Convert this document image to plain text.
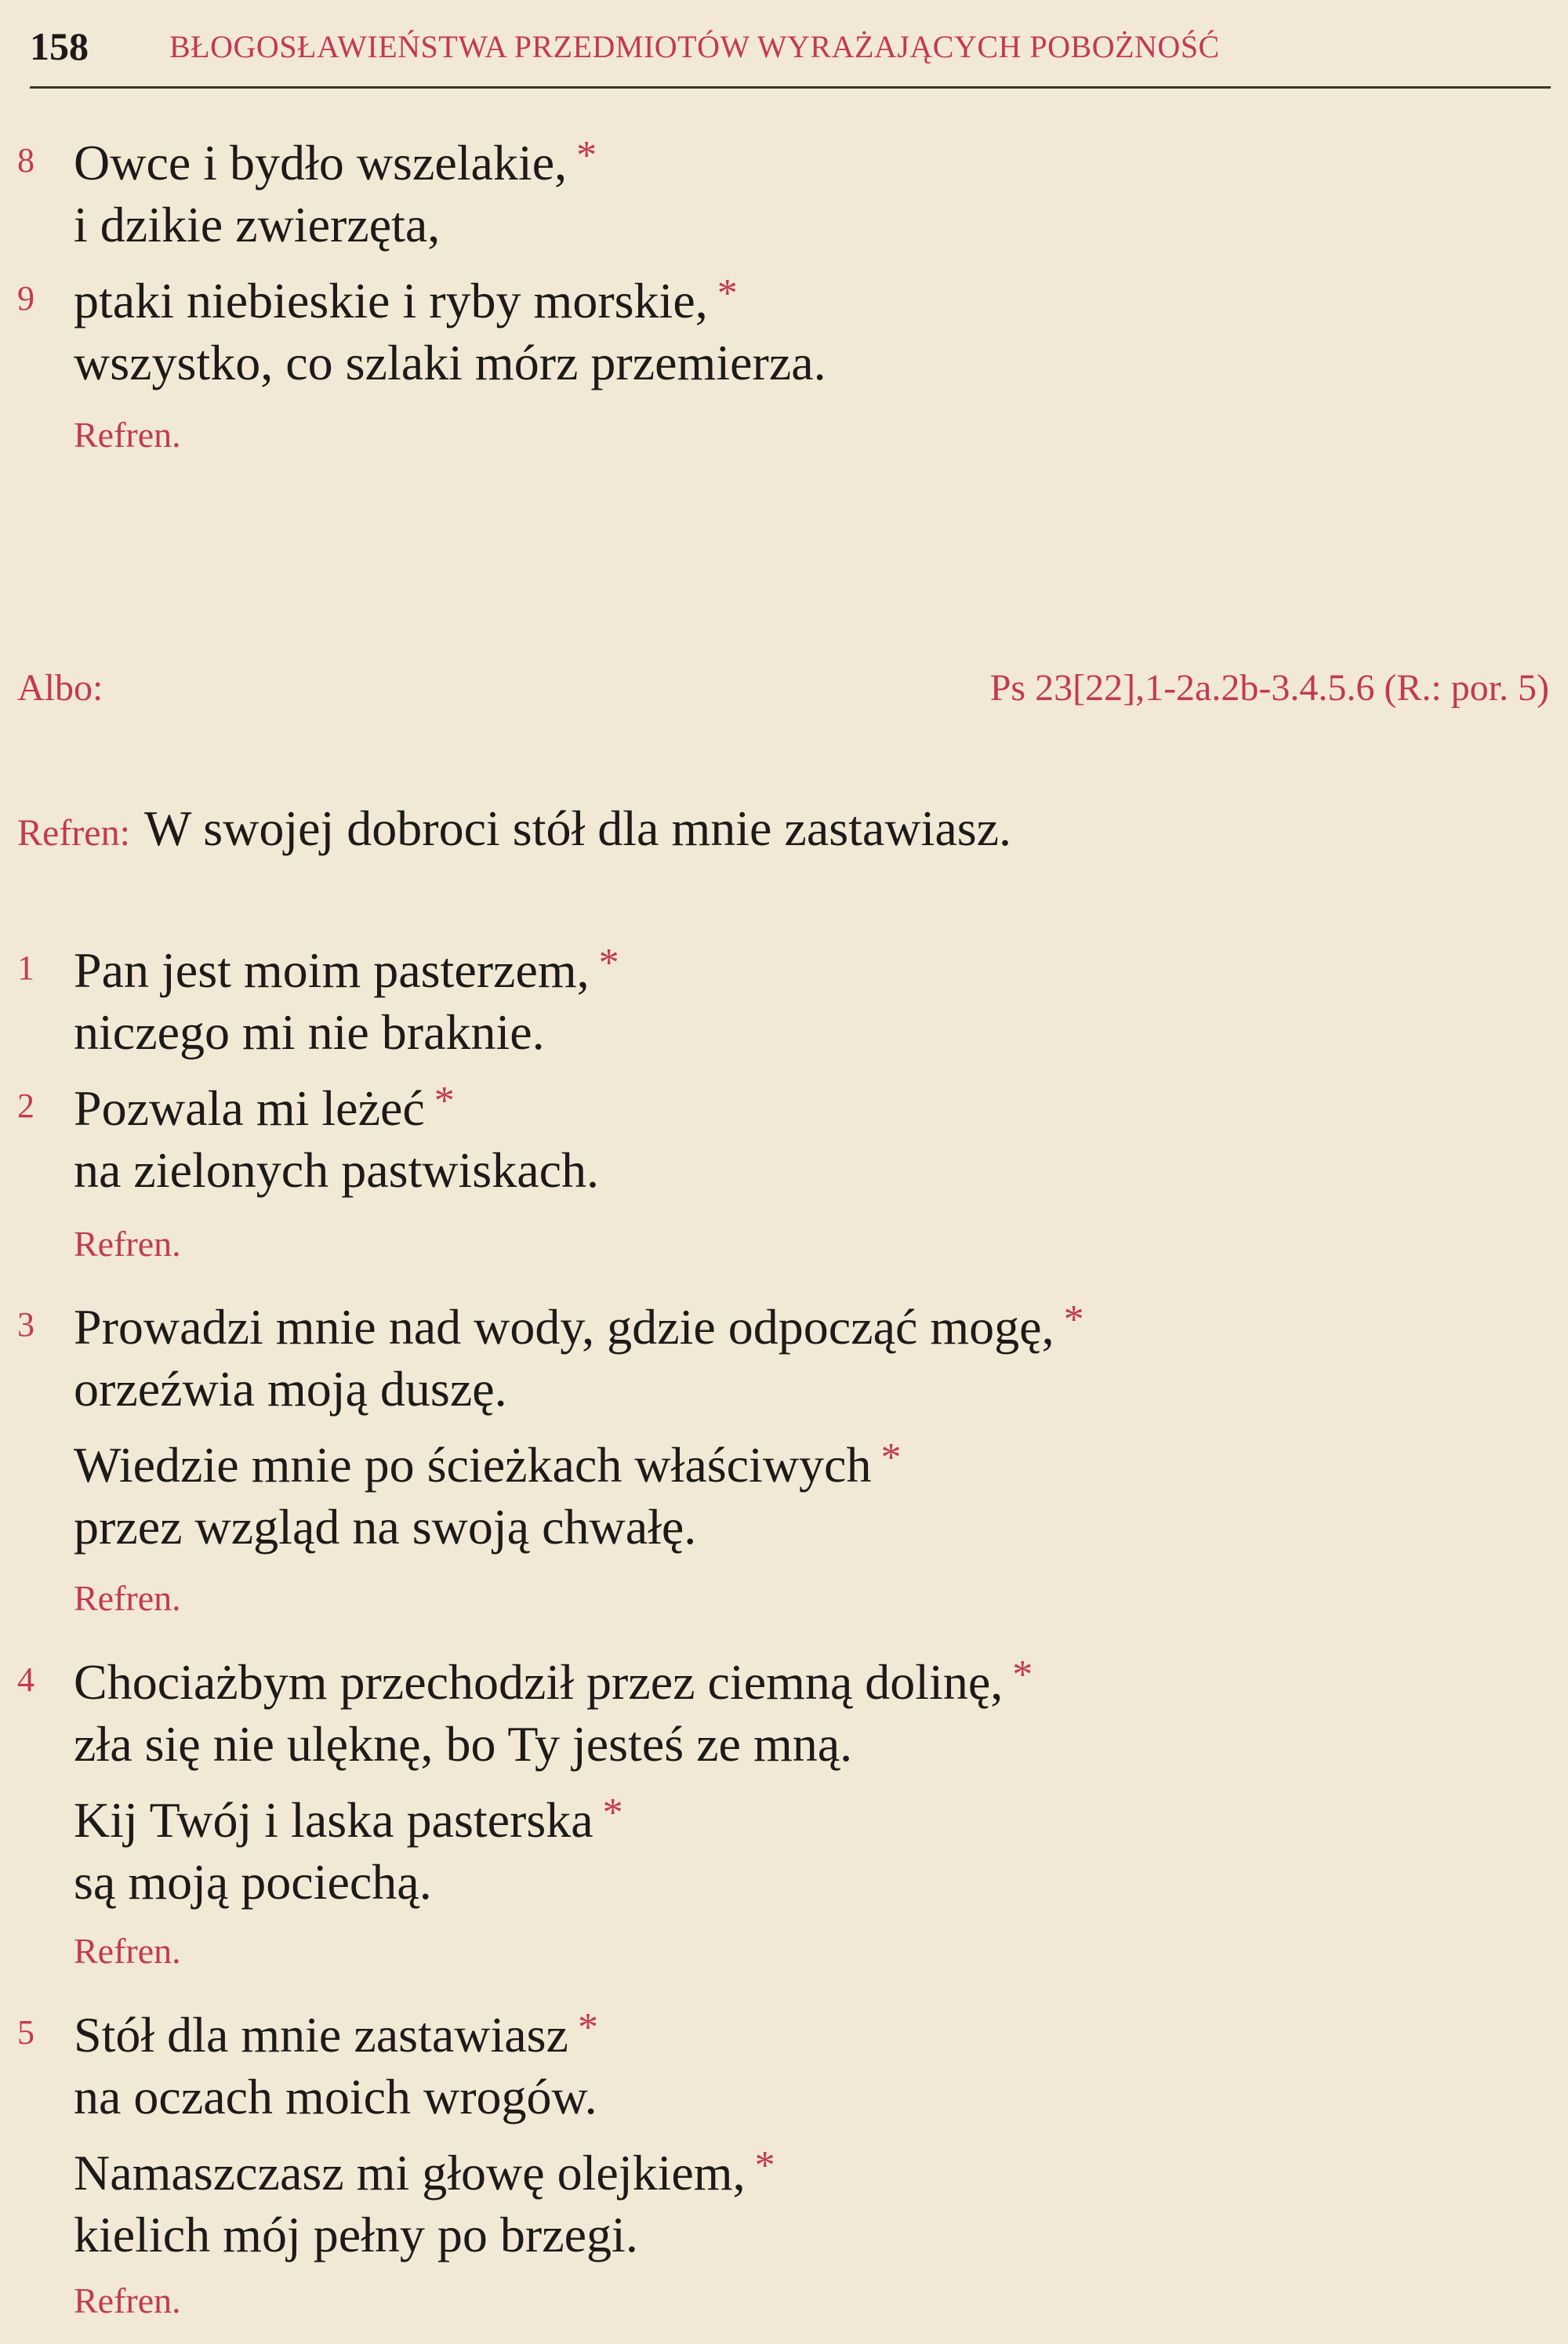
158	BŁOGOSŁAWIEŃSTWA PRZEDMIOTÓW WYRAŻAJĄCYCH POBOŻNOŚĆ
8 Owce i bydło wszelakie, *
i dzikie zwierzęta,
9 ptaki niebieskie i ryby morskie, *
wszystko, co szlaki mórz przemierza.
Refren.
Albo:	Ps 23[22],1-2a.2b-3.4.5.6 (R.: por. 5)
Refren: W swojej dobroci stół dla mnie zastawiasz.
1 Pan jest moim pasterzem, *
niczego mi nie braknie.
2 Pozwala mi leżeć *
na zielonych pastwiskach.
Refren.
3 Prowadzi mnie nad wody, gdzie odpocząć mogę, *
orzeźwia moją duszę.
Wiedzie mnie po ścieżkach właściwych *
przez wzgląd na swoją chwałę.
Refren.
4 Chociażbym przechodził przez ciemną dolinę, *
zła się nie ulęknę, bo Ty jesteś ze mną.
Kij Twój i laska pasterska *
są moją pociechą.
Refren.
5 Stół dla mnie zastawiasz *
na oczach moich wrogów.
Namaszczasz mi głowę olejkiem, *
kielich mój pełny po brzegi.
Refren.
